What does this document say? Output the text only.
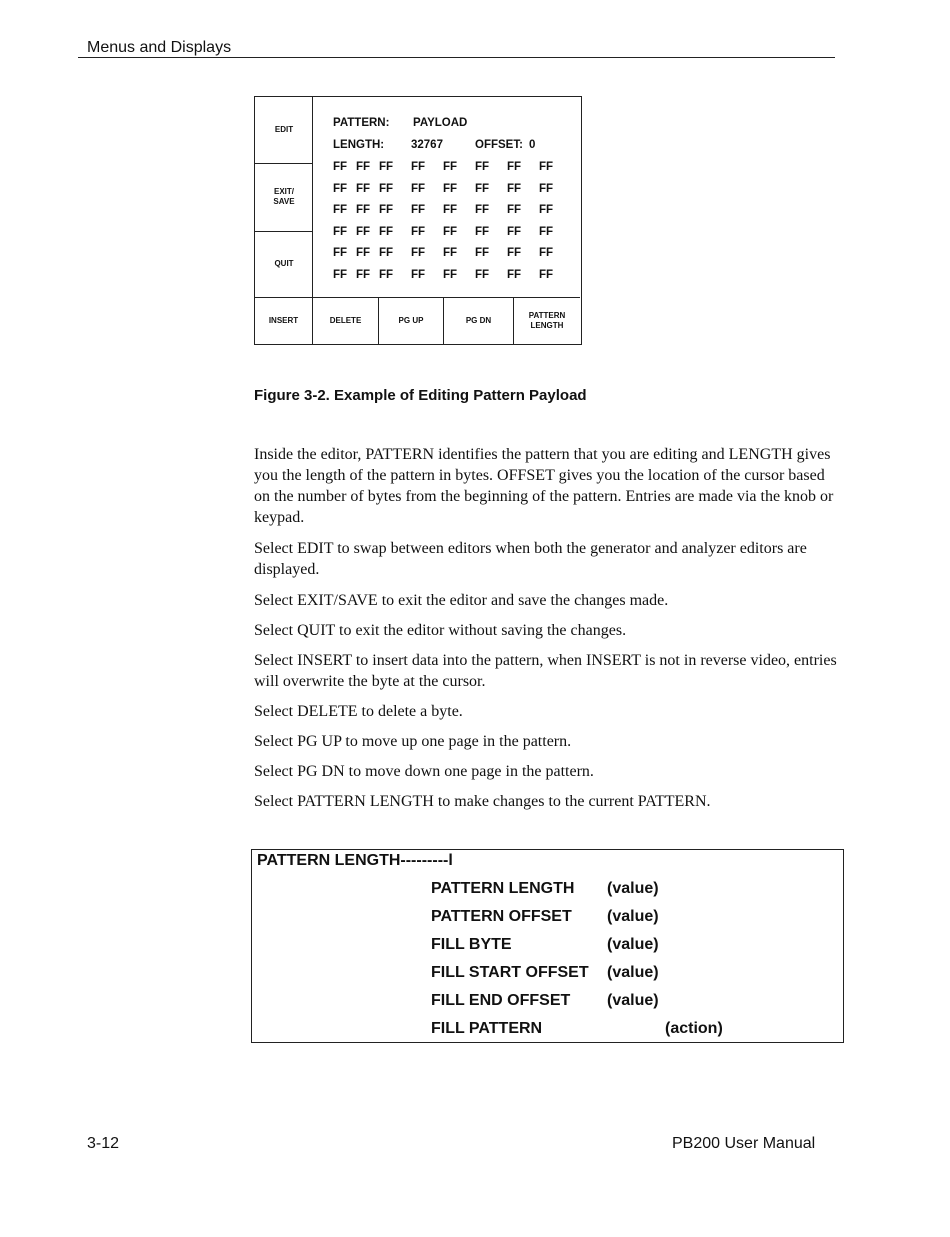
Menus and Displays
EDIT
EXIT/
SAVE
QUIT
PATTERN: PAYLOAD
LENGTH: 32767	OFFSET: 0
FF FF FF FF FF FF FF FF
FF FF FF FF FF FF FF FF
FF FF FF FF FF FF FF FF
FF FF FF FF FF FF FF FF
FF FF FF FF FF FF FF FF
FF FF FF FF FF FF FF FF
INSERT	DELETE	PG UP	PG DN
PATTERN
LENGTH
Figure 3-2. Example of Editing Pattern Payload
Inside the editor, PATTERN identifies the pattern that you are editing and LENGTH gives you the length of the pattern in bytes. OFFSET gives you the location of the cursor based on the number of bytes from the beginning of the pattern. Entries are made via the knob or keypad.
Select EDIT to swap between editors when both the generator and analyzer editors are displayed.
Select EXIT/SAVE to exit the editor and save the changes made.
Select QUIT to exit the editor without saving the changes.
Select INSERT to insert data into the pattern, when INSERT is not in reverse video, entries will overwrite the byte at the cursor.
Select DELETE to delete a byte.
Select PG UP to move up one page in the pattern.
Select PG DN to move down one page in the pattern.
Select PATTERN LENGTH to make changes to the current PATTERN.
PATTERN LENGTH---------l
PATTERN LENGTH (value)
PATTERN OFFSET (value)
FILL BYTE	(value)
FILL START OFFSET (value)
FILL END OFFSET (value)
FILL PATTERN	(action)
3-12	PB200 User Manual
